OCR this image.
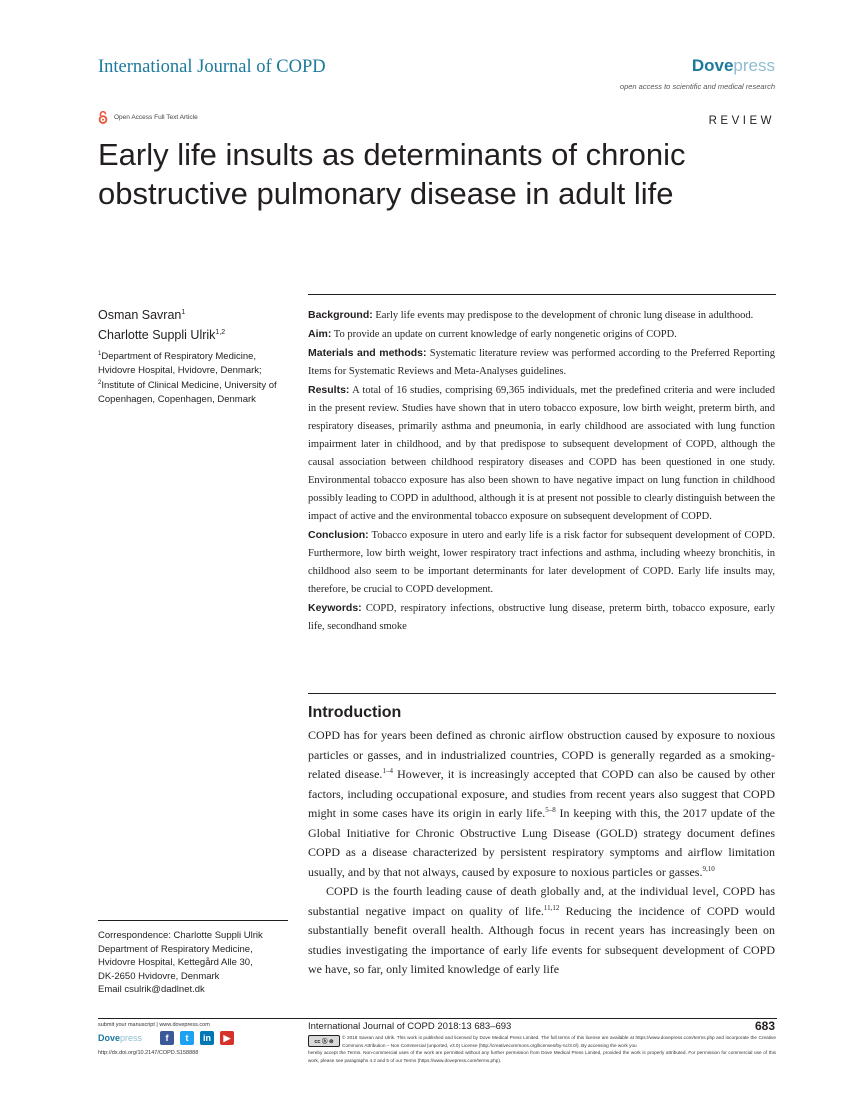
International Journal of COPD	Dovepress
open access to scientific and medical research
Open Access Full Text Article	REVIEW
Early life insults as determinants of chronic obstructive pulmonary disease in adult life
Osman Savran$^1$
Charlotte Suppli Ulrik$^{1,2}$
$^1$Department of Respiratory Medicine, Hvidovre Hospital, Hvidovre, Denmark; $^2$Institute of Clinical Medicine, University of Copenhagen, Copenhagen, Denmark

Background: Early life events may predispose to the development of chronic lung disease in adulthood.

Aim: To provide an update on current knowledge of early nongenetic origins of COPD.

Materials and methods: Systematic literature review was performed according to the Preferred Reporting Items for Systematic Reviews and Meta-Analyses guidelines.

Results: A total of 16 studies, comprising 69,365 individuals, met the predefined criteria and were included in the present review. Studies have shown that in utero tobacco exposure, low birth weight, preterm birth, and respiratory diseases, primarily asthma and pneumonia, in early childhood are associated with lung function impairment later in childhood, and by that predispose to subsequent development of COPD, although the causal association between childhood respiratory diseases and COPD has been questioned in one study. Environmental tobacco exposure has also been shown to have negative impact on lung function in childhood possibly leading to COPD in adulthood, although it is at present not possible to clearly distinguish between the impact of active and the environmental tobacco exposure on subsequent development of COPD.

Conclusion: Tobacco exposure in utero and early life is a risk factor for subsequent development of COPD. Furthermore, low birth weight, lower respiratory tract infections and asthma, including wheezy bronchitis, in childhood also seem to be important determinants for later development of COPD. Early life insults may, therefore, be crucial to COPD development.

Keywords: COPD, respiratory infections, obstructive lung disease, preterm birth, tobacco exposure, early life, secondhand smoke

Introduction

COPD has for years been defined as chronic airflow obstruction caused by exposure to noxious particles or gasses, and in industrialized countries, COPD is generally regarded as a smoking-related disease.$^{1-4}$ However, it is increasingly accepted that COPD can also be caused by other factors, including occupational exposure, and studies from recent years also suggest that COPD might in some cases have its origin in early life.$^{5-8}$ In keeping with this, the 2017 update of the Global Initiative for Chronic Obstructive Lung Disease (GOLD) strategy document defines COPD as a disease characterized by persistent respiratory symptoms and airflow limitation usually, and by that not always, caused by exposure to noxious particles or gasses.$^{9,10}$

COPD is the fourth leading cause of death globally and, at the individual level, COPD has substantial negative impact on quality of life.$^{11,12}$ Reducing the incidence of COPD would substantially benefit overall health. Although focus in recent years has increasingly been on studies investigating the importance of early life events for subsequent development of COPD we have, so far, only limited knowledge of early life

Correspondence: Charlotte Suppli Ulrik
Department of Respiratory Medicine,
Hvidovre Hospital, Kettegård Alle 30,
DK-2650 Hvidovre, Denmark
Email csulrik@dadlnet.dk
submit your manuscript | www.dovepress.com
Dovepress	f	t	in	▶
http://dx.doi.org/10.2147/COPD.S158888
International Journal of COPD 2018:13 683–693	683
cc ⓑ ⊜
© 2018 Savran and Ulrik. This work is published and licensed by Dove Medical Press Limited. The full terms of this license are available at https://www.dovepress.com/terms.php and incorporate the Creative Commons Attribution – Non Commercial (unported, v3.0) License (http://creativecommons.org/licenses/by-nc/3.0/). By accessing the work you
hereby accept the Terms. Non-commercial uses of the work are permitted without any further permission from Dove Medical Press Limited, provided the work is properly attributed. For permission for commercial use of this work, please see paragraphs 4.2 and 5 of our Terms (https://www.dovepress.com/terms.php).
